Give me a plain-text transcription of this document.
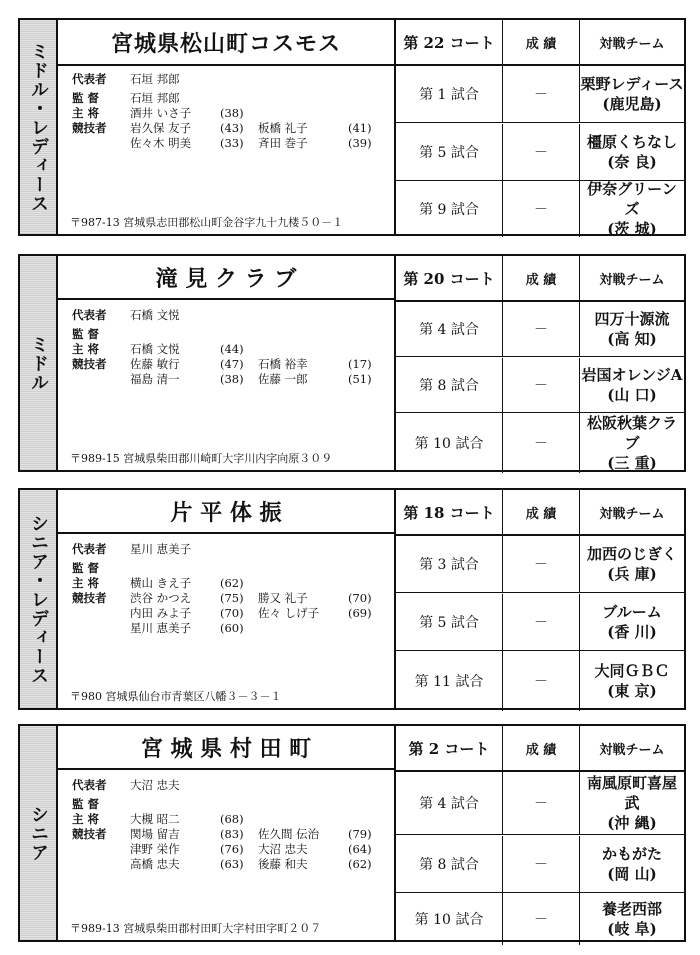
ミドル・レディース	宮城県松山町コスモス
代表者 石垣 邦郎
監 督	石垣 邦郎
主 将	酒井 いさ子	(38)
競技者 岩久保 友子	(43) 板橋 礼子	(41)
佐々木 明美	(33) 斉田 巻子	(39)
〒987-13 宮城県志田郡松山町金谷字九十九楼５０－１
第 22 コート	成 績	対戦チーム
第 1 試合	－
栗野レディース
(鹿児島)
第 5 試合	－
橿原くちなし
(奈 良)
第 9 試合	－
伊奈グリーンズ
(茨 城)
ミドル
滝 見 ク ラ ブ
代表者 石橋 文悦
監 督
主 将	石橋 文悦	(44)
競技者 佐藤 敏行	(47) 石橋 裕幸	(17)
福島 清一	(38) 佐藤 一郎	(51)
〒989-15 宮城県柴田郡川崎町大字川内字向原３０９
第 20 コート	成 績	対戦チーム
第 4 試合	－
四万十源流
(高 知)
第 8 試合	－
岩国オレンジA
(山 口)
第 10 試合	－
松阪秋葉クラブ
(三 重)
シニア・レディース
片 平 体 振
代表者 星川 恵美子
監 督
主 将	横山 きえ子	(62)
競技者 渋谷 かつえ	(75) 勝又 礼子	(70)
内田 みよ子	(70) 佐々 しげ子	(69)
星川 恵美子	(60)
〒980 宮城県仙台市青葉区八幡３－３－１
第 18 コート	成 績	対戦チーム
第 3 試合	－
加西のじぎく
(兵 庫)
第 5 試合	－
ブルーム
(香 川)
第 11 試合	－
大同ＧＢＣ
(東 京)
シニア
宮 城 県 村 田 町
代表者 大沼 忠夫
監 督
主 将	大槻 昭二	(68)
競技者 関場 留吉	(83) 佐久間 伝治	(79)
津野 栄作	(76) 大沼 忠夫	(64)
高橋 忠夫	(63) 後藤 和夫	(62)
〒989-13 宮城県柴田郡村田町大字村田字町２０７
第 2 コート	成 績	対戦チーム
第 4 試合	－
南風原町喜屋武
(沖 縄)
第 8 試合	－
かもがた
(岡 山)
第 10 試合	－
養老西部
(岐 阜)
